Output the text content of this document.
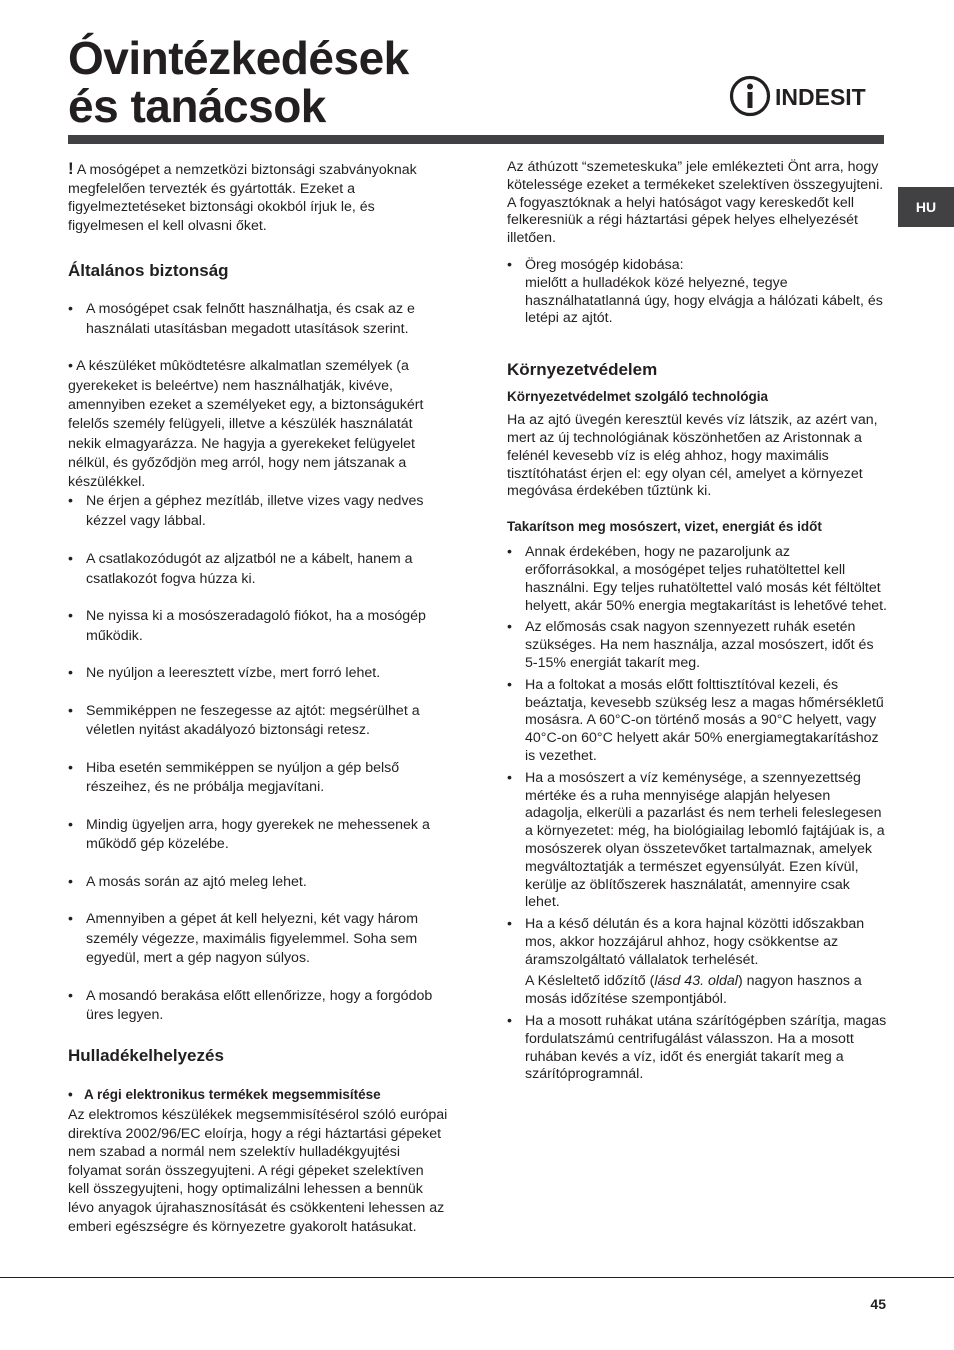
Óvintézkedések
és tanácsok	INDESIT
HU

! A mosógépet a nemzetközi biztonsági szabványoknak megfelelően tervezték és gyártották. Ezeket a figyelmeztetéseket biztonsági okokból írjuk le, és figyelmesen el kell olvasni őket.

Általános biztonság

• A mosógépet csak felnőtt használhatja, és csak az e használati utasításban megadott utasítások szerint.

• A készüléket mûködtetésre alkalmatlan személyek (a gyerekeket is beleértve) nem használhatják, kivéve, amennyiben ezeket a személyeket egy, a biztonságukért felelős személy felügyeli, illetve a készülék használatát nekik elmagyarázza. Ne hagyja a gyerekeket felügyelet nélkül, és győződjön meg arról, hogy nem játszanak a készülékkel.

• Ne érjen a géphez mezítláb, illetve vizes vagy nedves kézzel vagy lábbal.

• A csatlakozódugót az aljzatból ne a kábelt, hanem a csatlakozót fogva húzza ki.

• Ne nyissa ki a mosószeradagoló fiókot, ha a mosógép működik.

• Ne nyúljon a leeresztett vízbe, mert forró lehet.

• Semmiképpen ne feszegesse az ajtót: megsérülhet a véletlen nyitást akadályozó biztonsági retesz.

• Hiba esetén semmiképpen se nyúljon a gép belső részeihez, és ne próbálja megjavítani.

• Mindig ügyeljen arra, hogy gyerekek ne mehessenek a működő gép közelébe.

• A mosás során az ajtó meleg lehet.

• Amennyiben a gépet át kell helyezni, két vagy három személy végezze, maximális figyelemmel. Soha sem egyedül, mert a gép nagyon súlyos.

• A mosandó berakása előtt ellenőrizze, hogy a forgódob üres legyen.

Hulladékelhelyezés

•   A régi elektronikus termékek megsemmisítése

Az elektromos készülékek megsemmisítésérol szóló európai direktíva 2002/96/EC eloírja, hogy a régi háztartási gépeket nem szabad a normál nem szelektív hulladékgyujtési folyamat során összegyujteni. A régi gépeket szelektíven kell összegyujteni, hogy optimalizálni lehessen a bennük lévo anyagok újrahasznosítását és csökkenteni lehessen az emberi egészségre és környezetre gyakorolt hatásukat.

Az áthúzott “szemeteskuka” jele emlékezteti Önt arra, hogy kötelessége ezeket a termékeket szelektíven összegyujteni.

A fogyasztóknak a helyi hatóságot vagy kereskedőt kell felkeresniük a régi háztartási gépek helyes elhelyezését illetően.

• Öreg mosógép kidobása:

mielőtt a hulladékok közé helyezné, tegye használhatatlanná úgy, hogy elvágja a hálózati kábelt, és letépi az ajtót.

Környezetvédelem

Környezetvédelmet szolgáló technológia

Ha az ajtó üvegén keresztül kevés víz látszik, az azért van, mert az új technológiának köszönhetően az Aristonnak a felénél kevesebb víz is elég ahhoz, hogy maximális tisztítóhatást érjen el: egy olyan cél, amelyet a környezet megóvása érdekében tűztünk ki.

Takarítson meg mosószert, vizet, energiát és időt

• Annak érdekében, hogy ne pazaroljunk az erőforrásokkal, a mosógépet teljes ruhatöltettel kell használni. Egy teljes ruhatöltettel való mosás két féltöltet helyett, akár 50% energia megtakarítást is lehetővé tehet.

• Az előmosás csak nagyon szennyezett ruhák esetén szükséges. Ha nem használja, azzal mosószert, időt és 5-15% energiát takarít meg.

• Ha a foltokat a mosás előtt folttisztítóval kezeli, és beáztatja, kevesebb szükség lesz a magas hőmérsékletű mosásra. A 60°C-on történő mosás a 90°C helyett, vagy 40°C-on 60°C helyett akár 50% energiamegtakarításhoz is vezethet.

• Ha a mosószert a víz keménysége, a szennyezettség mértéke és a ruha mennyisége alapján helyesen adagolja, elkerüli a pazarlást és nem terheli feleslegesen a környezetet: még, ha biológiailag lebomló fajtájúak is, a mosószerek olyan összetevőket tartalmaznak, amelyek megváltoztatják a természet egyensúlyát. Ezen kívül, kerülje az öblítőszerek használatát, amennyire csak lehet.

• Ha a késő délután és a kora hajnal közötti időszakban mos, akkor hozzájárul ahhoz, hogy csökkentse az áramszolgáltató vállalatok terhelését.

A Késleltető időzítő (lásd 43. oldal) nagyon hasznos a mosás időzítése szempontjából.

• Ha a mosott ruhákat utána szárítógépben szárítja, magas fordulatszámú centrifugálást válasszon. Ha a mosott ruhában kevés a víz, időt és energiát takarít meg a szárítóprogramnál.

45
